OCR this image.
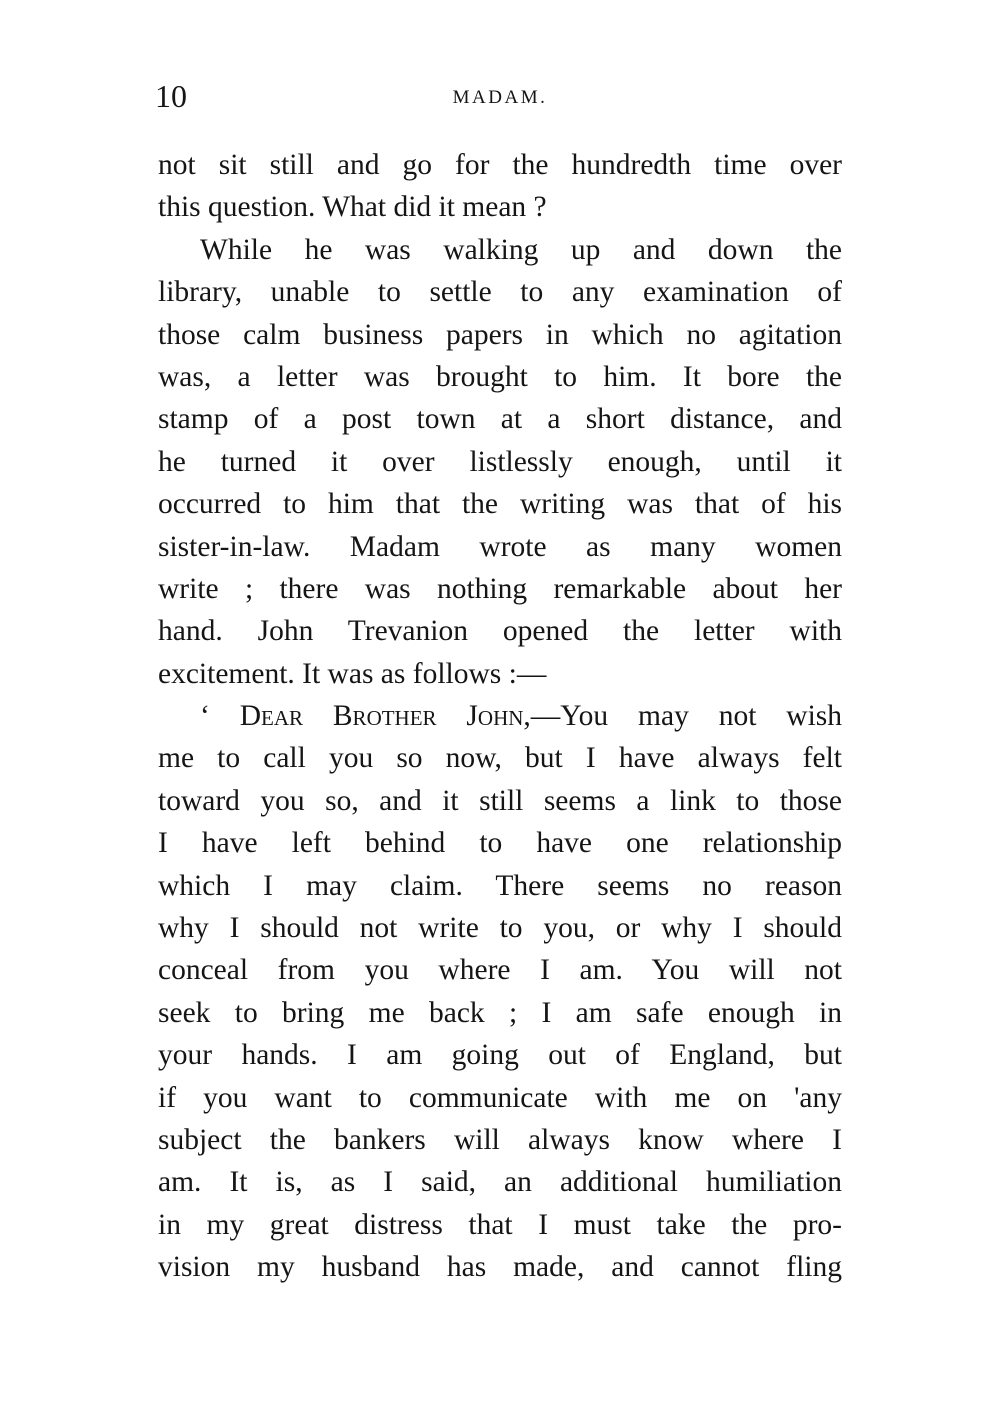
10	MADAM.
not sit still and go for the hundredth time over
this question. What did it mean ?
While he was walking up and down the
library, unable to settle to any examination of
those calm business papers in which no agitation
was, a letter was brought to him. It bore the
stamp of a post town at a short distance, and
he turned it over listlessly enough, until it
occurred to him that the writing was that of his
sister-in-law. Madam wrote as many women
write ; there was nothing remarkable about her
hand. John Trevanion opened the letter with
excitement. It was as follows :—
‘ Dear Brother John,—You may not wish
me to call you so now, but I have always felt
toward you so, and it still seems a link to those
I have left behind to have one relationship
which I may claim. There seems no reason
why I should not write to you, or why I should
conceal from you where I am. You will not
seek to bring me back ; I am safe enough in
your hands. I am going out of England, but
if you want to communicate with me on 'any
subject the bankers will always know where I
am. It is, as I said, an additional humiliation
in my great distress that I must take the pro-
vision my husband has made, and cannot fling
